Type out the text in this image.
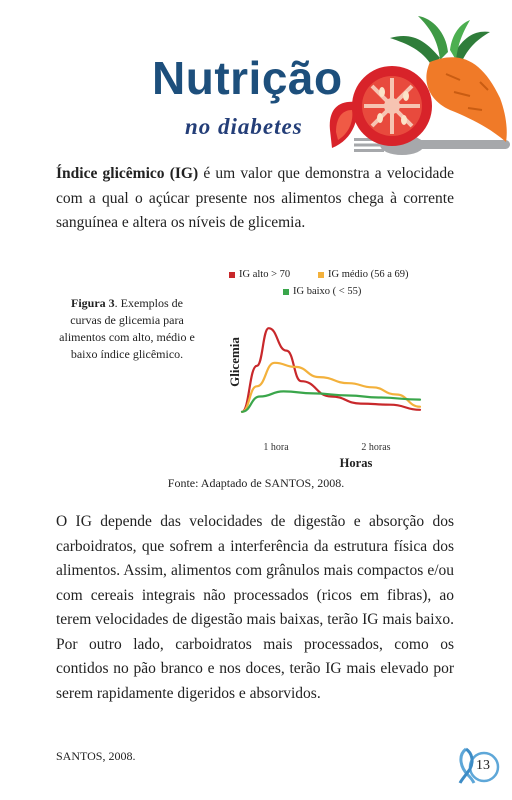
Nutrição
no diabetes
Índice glicêmico (IG) é um valor que demonstra a velocidade com a qual o açúcar presente nos alimentos chega à corrente sanguínea e altera os níveis de glicemia.
IG alto > 70	IG médio (56 a 69)
IG baixo ( < 55)
Figura 3. Exemplos de curvas de glicemia para alimentos com alto, médio e baixo índice glicêmico.	Glicemia
1 hora	2 horas
Horas
Fonte: Adaptado de SANTOS, 2008.
O IG depende das velocidades de digestão e absorção dos carboidratos, que sofrem a interferência da estrutura física dos alimentos. Assim, alimentos com grânulos mais compactos e/ou com cereais integrais não processados (ricos em fibras), ao terem velocidades de digestão mais baixas, terão IG mais baixo. Por outro lado, carboidratos mais processados, como os contidos no pão branco e nos doces, terão IG mais elevado por serem rapidamente digeridos e absorvidos.
SANTOS, 2008.
13
